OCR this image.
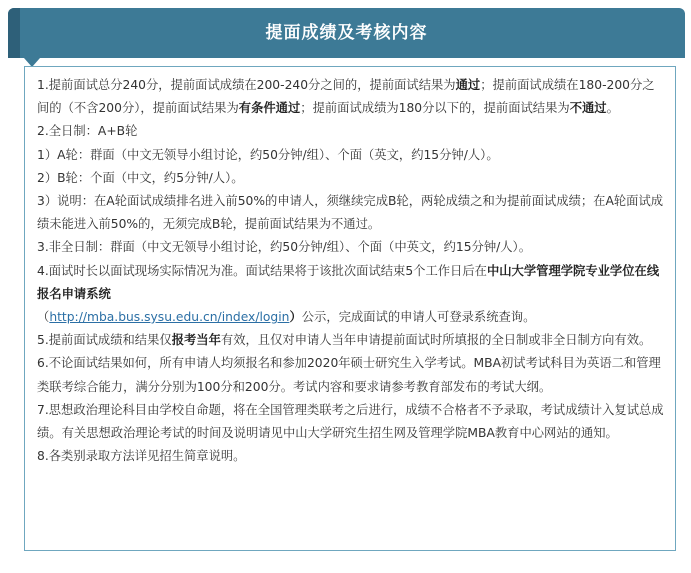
提面成绩及考核内容

1.提前面试总分240分，提前面试成绩在200-240分之间的，提前面试结果为通过；提前面试成绩在180-200分之间的（不含200分），提前面试结果为有条件通过；提前面试成绩为180分以下的，提前面试结果为不通过。

2.全日制：A+B轮

1）A轮：群面（中文无领导小组讨论，约50分钟/组）、个面（英文，约15分钟/人）。

2）B轮：个面（中文，约5分钟/人）。

3）说明：在A轮面试成绩排名进入前50%的申请人，须继续完成B轮，两轮成绩之和为提前面试成绩；在A轮面试成绩未能进入前50%的，无须完成B轮，提前面试结果为不通过。

3.非全日制：群面（中文无领导小组讨论，约50分钟/组）、个面（中英文，约15分钟/人）。

4.面试时长以面试现场实际情况为准。面试结果将于该批次面试结束5个工作日后在中山大学管理学院专业学位在线报名申请系统
（http://mba.bus.sysu.edu.cn/index/login）公示，完成面试的申请人可登录系统查询。

5.提前面试成绩和结果仅报考当年有效，且仅对申请人当年申请提前面试时所填报的全日制或非全日制方向有效。

6.不论面试结果如何，所有申请人均须报名和参加2020年硕士研究生入学考试。MBA初试考试科目为英语二和管理类联考综合能力，满分分别为100分和200分。考试内容和要求请参考教育部发布的考试大纲。

7.思想政治理论科目由学校自命题，将在全国管理类联考之后进行，成绩不合格者不予录取，考试成绩计入复试总成绩。有关思想政治理论考试的时间及说明请见中山大学研究生招生网及管理学院MBA教育中心网站的通知。

8.各类别录取方法详见招生简章说明。
